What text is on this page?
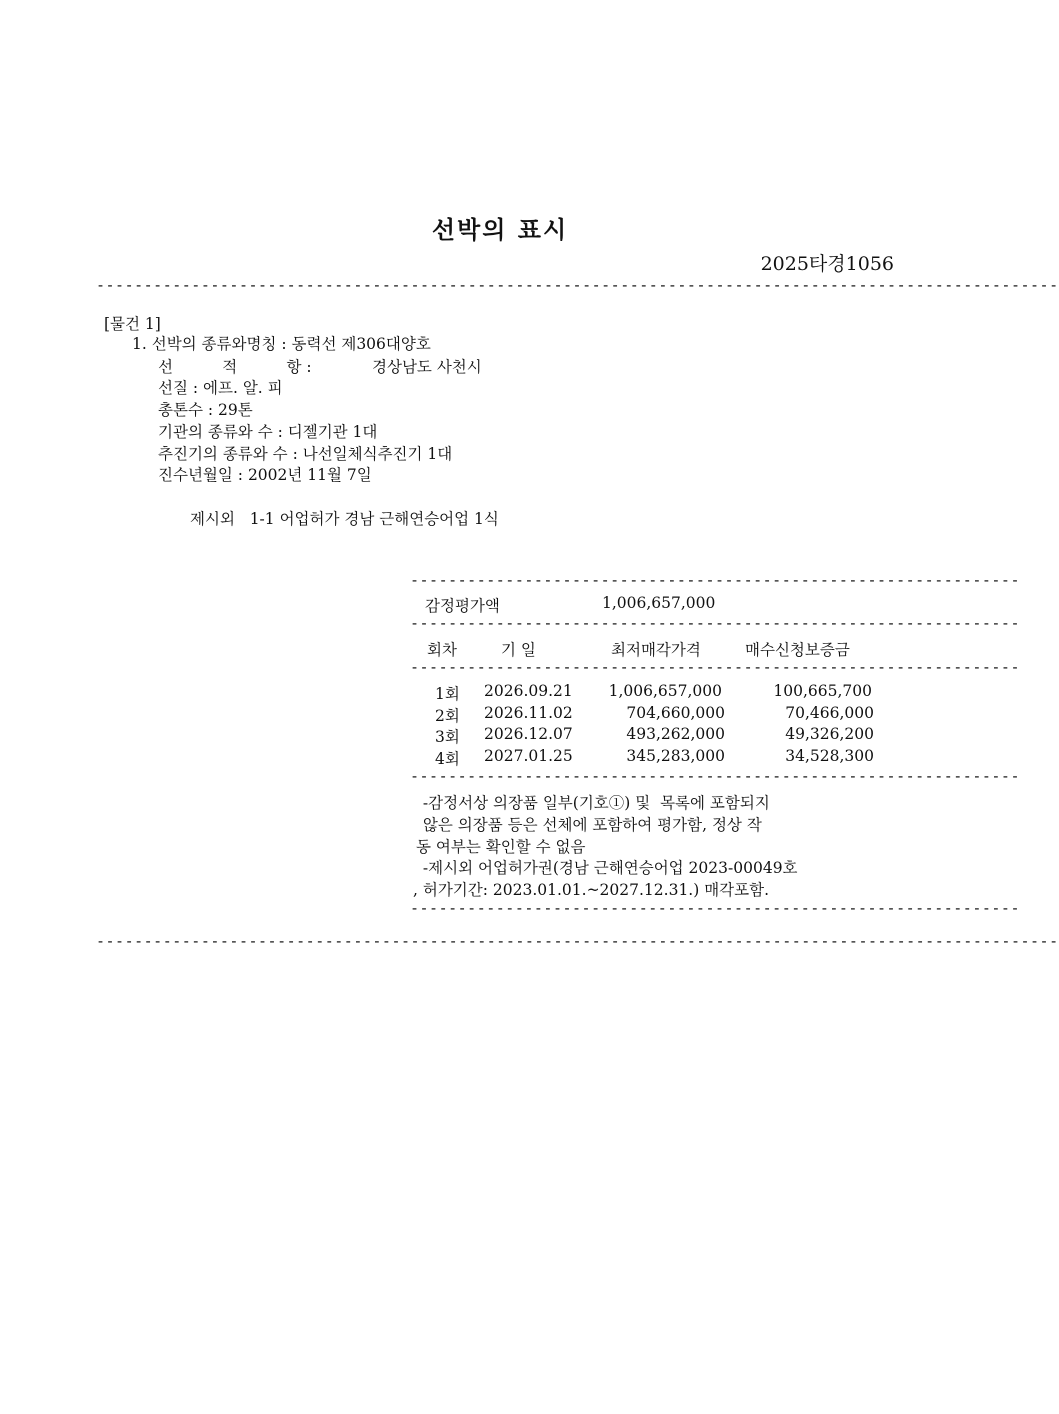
선박의 표시
2025타경1056
-----------------------------------------------------------------------------------------------------
[물건 1]
1. 선박의 종류와명칭 : 동력선 제306대양호
선          적          항 :	경상남도 사천시
선질 : 에프. 알. 피
총톤수 : 29톤
기관의 종류와 수 : 디젤기관 1대
추진기의 종류와 수 : 나선일체식추진기 1대
진수년월일 : 2002년 11월 7일
제시외   1-1 어업허가 경남 근해연승어업 1식
----------------------------------------------------------------
감정평가액	1,006,657,000
----------------------------------------------------------------
회차	기 일	최저매각가격	매수신청보증금
----------------------------------------------------------------
1회 2026.09.21	1,006,657,000	100,665,700
2회 2026.11.02	704,660,000	70,466,000
3회 2026.12.07	493,262,000	49,326,200
4회 2027.01.25	345,283,000	34,528,300
----------------------------------------------------------------
-감정서상 의장품 일부(기호①) 및  목록에 포함되지
않은 의장품 등은 선체에 포함하여 평가함, 정상 작
동 여부는 확인할 수 없음
-제시외 어업허가권(경남 근해연승어업 2023-00049호
, 허가기간: 2023.01.01.~2027.12.31.) 매각포함.
----------------------------------------------------------------
-----------------------------------------------------------------------------------------------------
